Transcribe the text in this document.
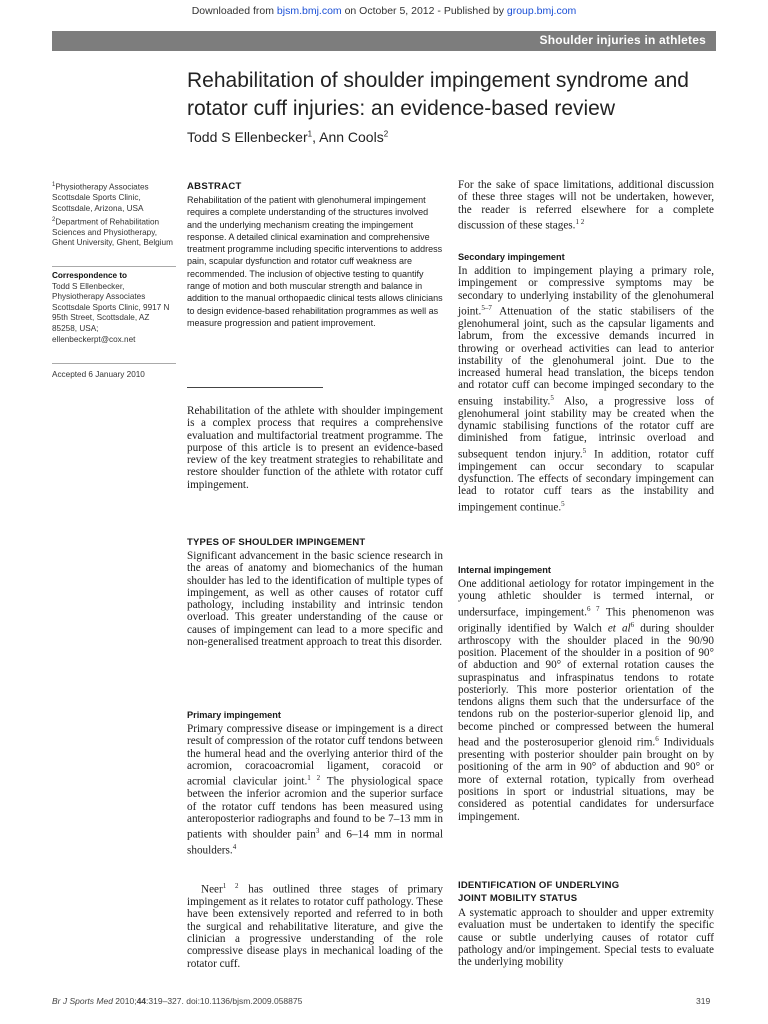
Downloaded from bjsm.bmj.com on October 5, 2012 - Published by group.bmj.com
Shoulder injuries in athletes
Rehabilitation of shoulder impingement syndrome and rotator cuff injuries: an evidence-based review
Todd S Ellenbecker$^1$, Ann Cools$^2$
$^1$Physiotherapy Associates Scottsdale Sports Clinic, Scottsdale, Arizona, USA
$^2$Department of Rehabilitation Sciences and Physiotherapy, Ghent University, Ghent, Belgium
Correspondence to
Todd S Ellenbecker, Physiotherapy Associates Scottsdale Sports Clinic, 9917 N 95th Street, Scottsdale, AZ 85258, USA; ellenbeckerpt@cox.net
Accepted 6 January 2010
ABSTRACT
Rehabilitation of the patient with glenohumeral impingement requires a complete understanding of the structures involved and the underlying mechanism creating the impingement response. A detailed clinical examination and comprehensive treatment programme including specific interventions to address pain, scapular dysfunction and rotator cuff weakness are recommended. The inclusion of objective testing to quantify range of motion and both muscular strength and balance in addition to the manual orthopaedic clinical tests allows clinicians to design evidence-based rehabilitation programmes as well as measure progression and patient improvement.
Rehabilitation of the athlete with shoulder impingement is a complex process that requires a comprehensive evaluation and multifactorial treatment programme. The purpose of this article is to present an evidence-based review of the key treatment strategies to rehabilitate and restore shoulder function of the athlete with rotator cuff impingement.
TYPES OF SHOULDER IMPINGEMENT
Significant advancement in the basic science research in the areas of anatomy and biomechanics of the human shoulder has led to the identification of multiple types of impingement, as well as other causes of rotator cuff pathology, including instability and intrinsic tendon overload. This greater understanding of the cause or causes of impingement can lead to a more specific and non-generalised treatment approach to treat this disorder.
Primary impingement
Primary compressive disease or impingement is a direct result of compression of the rotator cuff tendons between the humeral head and the overlying anterior third of the acromion, coracoacromial ligament, coracoid or acromial clavicular joint.$^{1 2}$ The physiological space between the inferior acromion and the superior surface of the rotator cuff tendons has been measured using anteroposterior radiographs and found to be 7–13 mm in patients with shoulder pain$^3$ and 6–14 mm in normal shoulders.$^4$
Neer$^{1 2}$ has outlined three stages of primary impingement as it relates to rotator cuff pathology. These have been extensively reported and referred to in both the surgical and rehabilitative literature, and give the clinician a progressive understanding of the role compressive disease plays in mechanical loading of the rotator cuff.
For the sake of space limitations, additional discussion of these three stages will not be undertaken, however, the reader is referred elsewhere for a complete discussion of these stages.$^{1 2}$
Secondary impingement
In addition to impingement playing a primary role, impingement or compressive symptoms may be secondary to underlying instability of the glenohumeral joint.$^{5-7}$ Attenuation of the static stabilisers of the glenohumeral joint, such as the capsular ligaments and labrum, from the excessive demands incurred in throwing or overhead activities can lead to anterior instability of the glenohumeral joint. Due to the increased humeral head translation, the biceps tendon and rotator cuff can become impinged secondary to the ensuing instability.$^5$ Also, a progressive loss of glenohumeral joint stability may be created when the dynamic stabilising functions of the rotator cuff are diminished from fatigue, intrinsic overload and subsequent tendon injury.$^5$ In addition, rotator cuff impingement can occur secondary to scapular dysfunction. The effects of secondary impingement can lead to rotator cuff tears as the instability and impingement continue.$^5$
Internal impingement
One additional aetiology for rotator impingement in the young athletic shoulder is termed internal, or undersurface, impingement.$^{6 7}$ This phenomenon was originally identified by Walch et $al^6$ during shoulder arthroscopy with the shoulder placed in the 90/90 position. Placement of the shoulder in a position of 90° of abduction and 90° of external rotation causes the supraspinatus and infraspinatus tendons to rotate posteriorly. This more posterior orientation of the tendons aligns them such that the undersurface of the tendons rub on the posterior-superior glenoid lip, and become pinched or compressed between the humeral head and the posterosuperior glenoid rim.$^6$ Individuals presenting with posterior shoulder pain brought on by positioning of the arm in 90° of abduction and 90° or more of external rotation, typically from overhead positions in sport or industrial situations, may be considered as potential candidates for undersurface impingement.
IDENTIFICATION OF UNDERLYING
JOINT MOBILITY STATUS
A systematic approach to shoulder and upper extremity evaluation must be undertaken to identify the specific cause or subtle underlying causes of rotator cuff pathology and/or impingement. Special tests to evaluate the underlying mobility
Br J Sports Med 2010;44:319–327. doi:10.1136/bjsm.2009.058875	319
